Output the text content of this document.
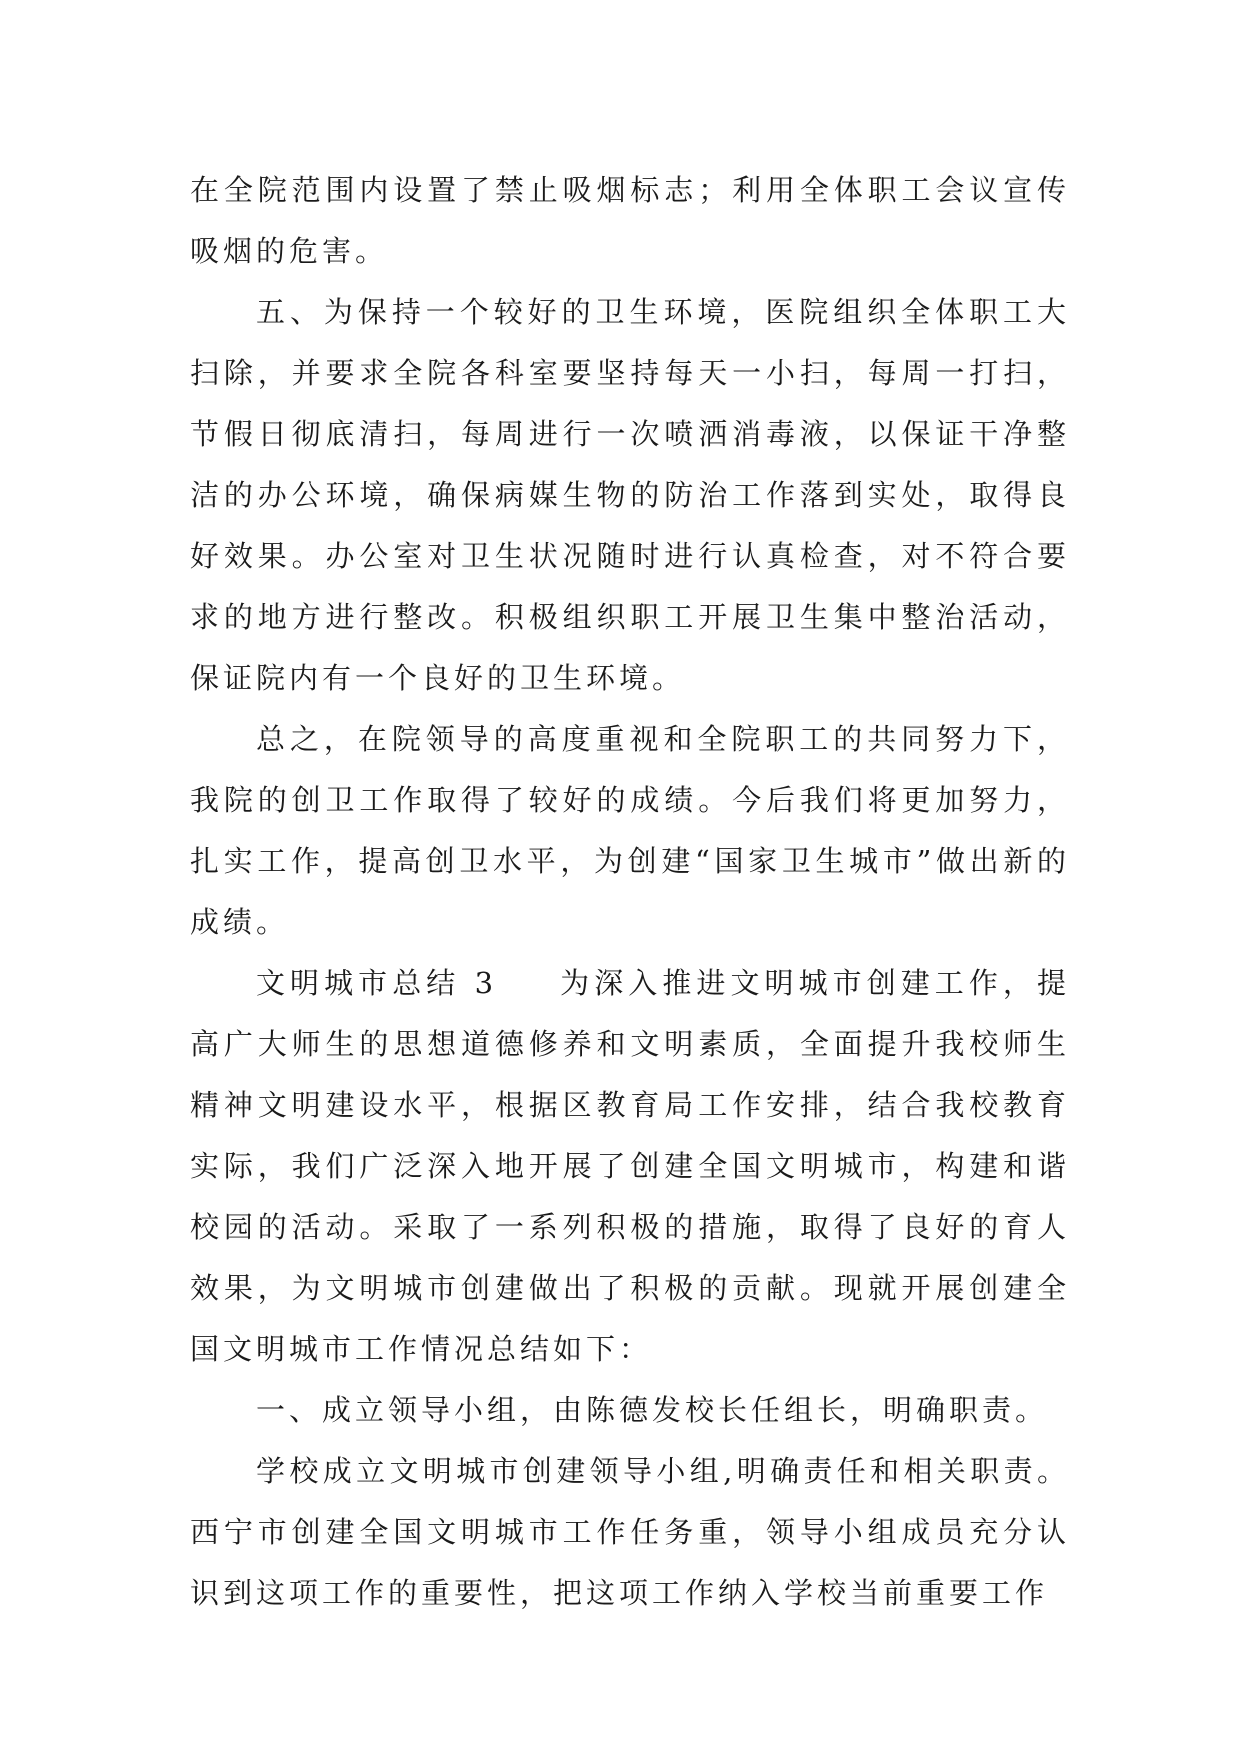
在全院范围内设置了禁止吸烟标志；利用全体职工会议宣传吸烟的危害。

五、为保持一个较好的卫生环境，医院组织全体职工大扫除，并要求全院各科室要坚持每天一小扫，每周一打扫，节假日彻底清扫，每周进行一次喷洒消毒液，以保证干净整洁的办公环境，确保病媒生物的防治工作落到实处，取得良好效果。办公室对卫生状况随时进行认真检查，对不符合要求的地方进行整改。积极组织职工开展卫生集中整治活动，保证院内有一个良好的卫生环境。

总之，在院领导的高度重视和全院职工的共同努力下，我院的创卫工作取得了较好的成绩。今后我们将更加努力，扎实工作，提高创卫水平，为创建“国家卫生城市”做出新的成绩。

文明城市总结 3 为深入推进文明城市创建工作，提高广大师生的思想道德修养和文明素质，全面提升我校师生精神文明建设水平，根据区教育局工作安排，结合我校教育实际，我们广泛深入地开展了创建全国文明城市，构建和谐校园的活动。采取了一系列积极的措施，取得了良好的育人效果，为文明城市创建做出了积极的贡献。现就开展创建全国文明城市工作情况总结如下：

一、成立领导小组，由陈德发校长任组长，明确职责。

学校成立文明城市创建领导小组,明确责任和相关职责。西宁市创建全国文明城市工作任务重，领导小组成员充分认识到这项工作的重要性，把这项工作纳入学校当前重要工作
